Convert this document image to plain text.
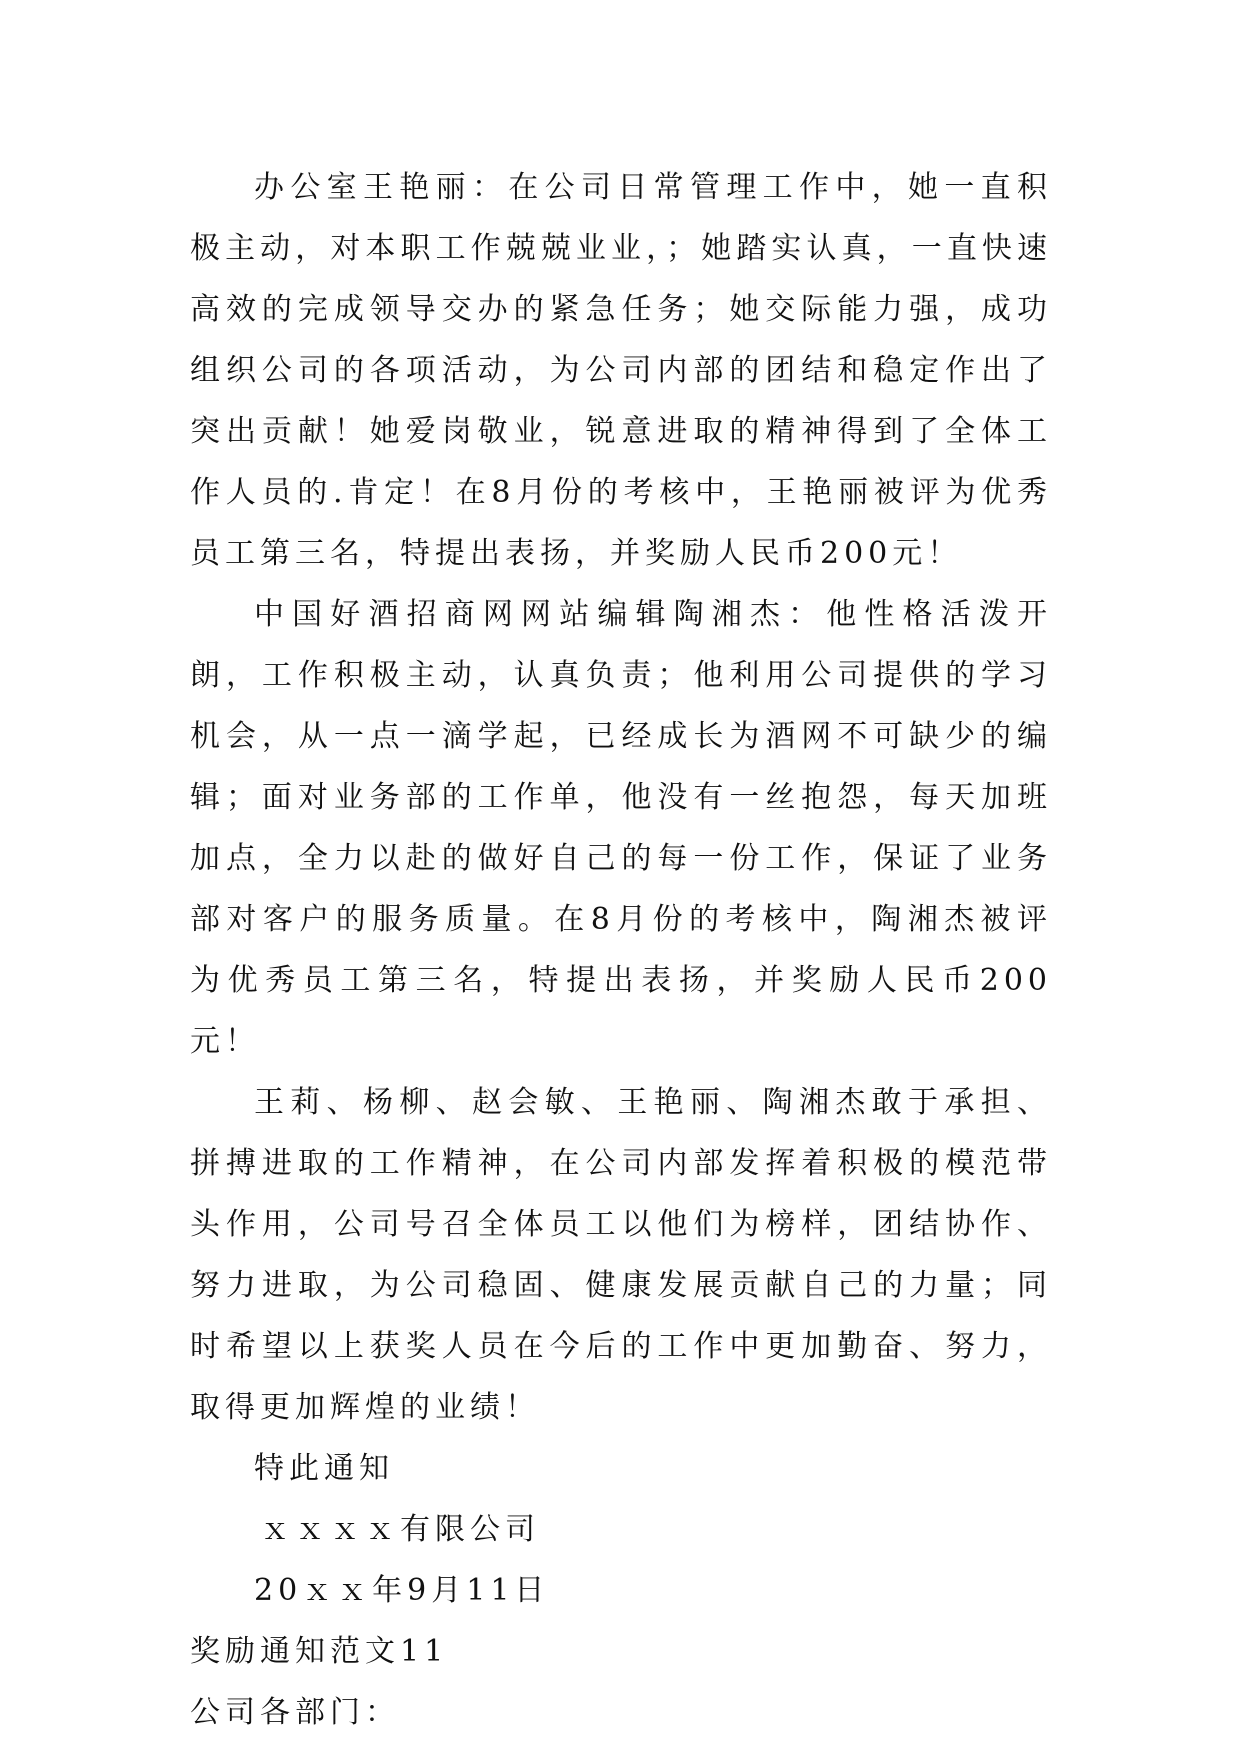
办公室王艳丽：在公司日常管理工作中，她一直积极主动，对本职工作兢兢业业，；她踏实认真，一直快速高效的完成领导交办的紧急任务；她交际能力强，成功组织公司的各项活动，为公司内部的团结和稳定作出了突出贡献！她爱岗敬业，锐意进取的精神得到了全体工作人员的.肯定！在8月份的考核中，王艳丽被评为优秀员工第三名，特提出表扬，并奖励人民币200元！

中国好酒招商网网站编辑陶湘杰：他性格活泼开朗，工作积极主动，认真负责；他利用公司提供的学习机会，从一点一滴学起，已经成长为酒网不可缺少的编辑；面对业务部的工作单，他没有一丝抱怨，每天加班加点，全力以赴的做好自己的每一份工作，保证了业务部对客户的服务质量。在8月份的考核中，陶湘杰被评为优秀员工第三名，特提出表扬，并奖励人民币200元！

王莉、杨柳、赵会敏、王艳丽、陶湘杰敢于承担、拼搏进取的工作精神，在公司内部发挥着积极的模范带头作用，公司号召全体员工以他们为榜样，团结协作、努力进取，为公司稳固、健康发展贡献自己的力量；同时希望以上获奖人员在今后的工作中更加勤奋、努力，取得更加辉煌的业绩！

特此通知

ｘｘｘｘ有限公司

20ｘｘ年9月11日

奖励通知范文11

公司各部门：
